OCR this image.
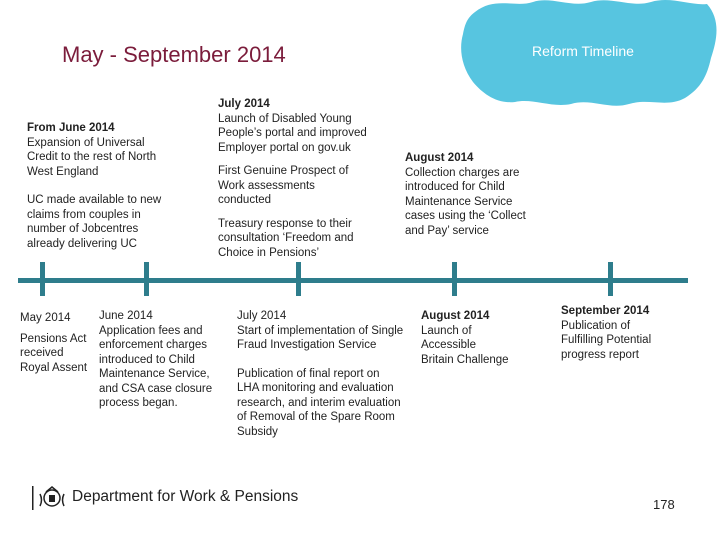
May - September 2014	Reform Timeline
From June 2014
Expansion of Universal
Credit to the rest of North
West England
UC made available to new
claims from couples in
number of Jobcentres
already delivering UC
July 2014
Launch of Disabled Young
People’s portal and improved
Employer portal on gov.uk
First Genuine Prospect of
Work assessments
conducted
Treasury response to their
consultation ‘Freedom and
Choice in Pensions’
August 2014
Collection charges are
introduced for Child
Maintenance Service
cases using the ‘Collect
and Pay’ service
May 2014
Pensions Act
received
Royal Assent
June 2014
Application fees and
enforcement charges
introduced to Child
Maintenance Service,
and CSA case closure
process began.
July 2014
Start of implementation of Single
Fraud Investigation Service
Publication of final report on
LHA monitoring and evaluation
research, and interim evaluation
of Removal of the Spare Room
Subsidy
August 2014
Launch of
Accessible
Britain Challenge
September 2014
Publication of
Fulfilling Potential
progress report
Department for Work & Pensions	178
